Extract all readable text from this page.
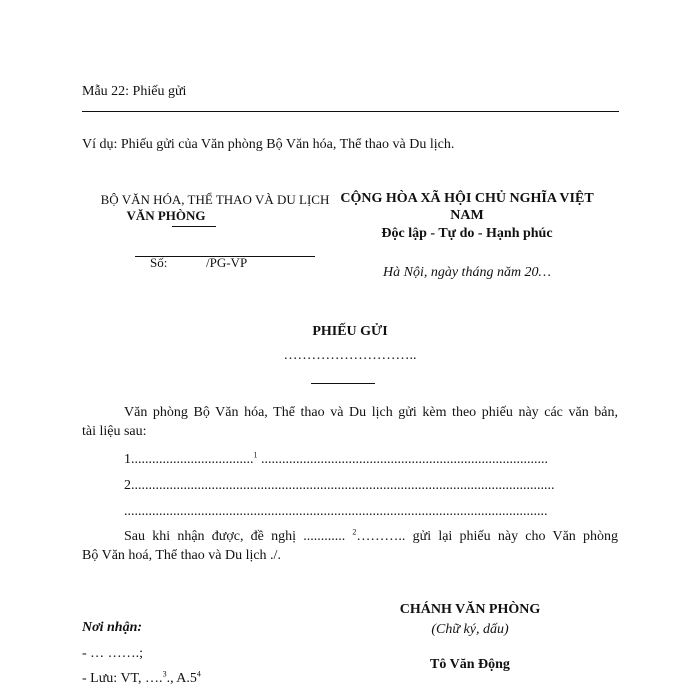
Mẫu 22: Phiếu gửi
Ví dụ: Phiếu gửi của Văn phòng Bộ Văn hóa, Thể thao và Du lịch.
BỘ VĂN HÓA, THỂ THAO VÀ DU LỊCH
VĂN PHÒNG
Số:	/PG-VP
CỘNG HÒA XÃ HỘI CHỦ NGHĨA VIỆT
NAM
Độc lập - Tự do - Hạnh phúc
Hà Nội, ngày tháng năm 20…
PHIẾU GỬI
………………………..
Văn phòng Bộ Văn hóa, Thể thao và Du lịch gửi kèm theo phiếu này các văn bản,
tài liệu sau:
1...................................$^1$ ..................................................................................
2.........................................................................................................................
.........................................................................................................................
Sau khi nhận được, đề nghị ............ $^2$……….. gửi lại phiếu này cho Văn phòng
Bộ Văn hoá, Thể thao và Du lịch ./.
CHÁNH VĂN PHÒNG
(Chữ ký, dấu)
Tô Văn Động
Nơi nhận:
- … …….;
- Lưu: VT, ….$^3$., $A.5^4$
